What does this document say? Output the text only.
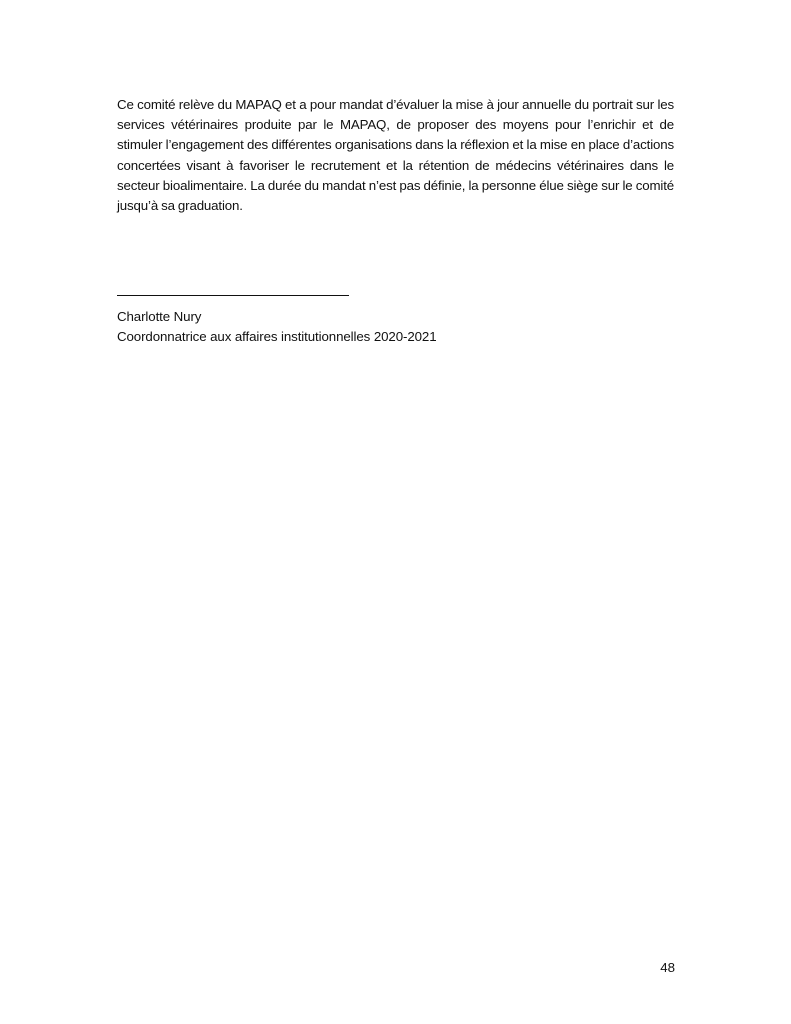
Ce comité relève du MAPAQ et a pour mandat d’évaluer la mise à jour annuelle du portrait sur les services vétérinaires produite par le MAPAQ, de proposer des moyens pour l’enrichir et de stimuler l’engagement des différentes organisations dans la réflexion et la mise en place d’actions concertées visant à favoriser le recrutement et la rétention de médecins vétérinaires dans le secteur bioalimentaire. La durée du mandat n’est pas définie, la personne élue siège sur le comité jusqu’à sa graduation.

Charlotte Nury

Coordonnatrice aux affaires institutionnelles 2020-2021

48
